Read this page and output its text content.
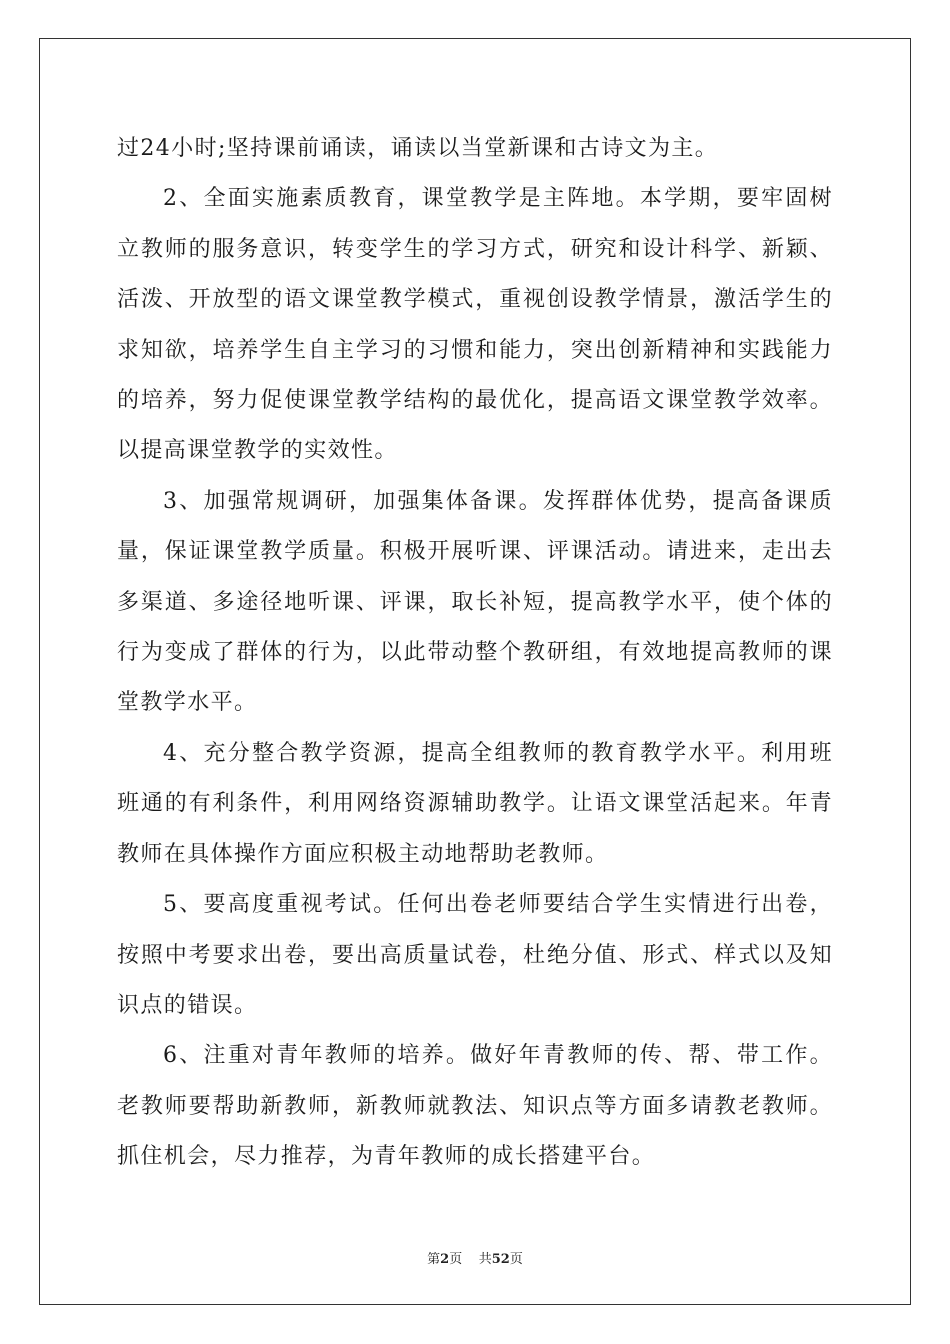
过24小时;坚持课前诵读，诵读以当堂新课和古诗文为主。

2、全面实施素质教育，课堂教学是主阵地。本学期，要牢固树立教师的服务意识，转变学生的学习方式，研究和设计科学、新颖、活泼、开放型的语文课堂教学模式，重视创设教学情景，激活学生的求知欲，培养学生自主学习的习惯和能力，突出创新精神和实践能力的培养，努力促使课堂教学结构的最优化，提高语文课堂教学效率。以提高课堂教学的实效性。

3、加强常规调研，加强集体备课。发挥群体优势，提高备课质量，保证课堂教学质量。积极开展听课、评课活动。请进来，走出去多渠道、多途径地听课、评课，取长补短，提高教学水平，使个体的行为变成了群体的行为，以此带动整个教研组，有效地提高教师的课堂教学水平。

4、充分整合教学资源，提高全组教师的教育教学水平。利用班班通的有利条件，利用网络资源辅助教学。让语文课堂活起来。年青教师在具体操作方面应积极主动地帮助老教师。

5、要高度重视考试。任何出卷老师要结合学生实情进行出卷，按照中考要求出卷，要出高质量试卷，杜绝分值、形式、样式以及知识点的错误。

6、注重对青年教师的培养。做好年青教师的传、帮、带工作。老教师要帮助新教师，新教师就教法、知识点等方面多请教老教师。抓住机会，尽力推荐，为青年教师的成长搭建平台。

第2页 共52页
